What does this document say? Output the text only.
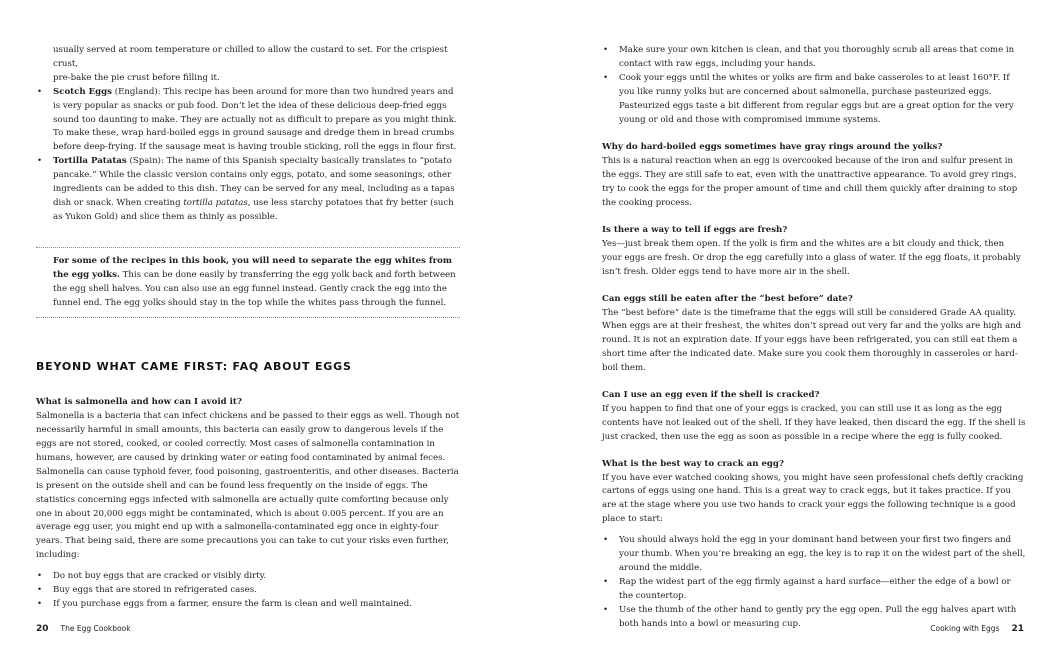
usually served at room temperature or chilled to allow the custard to set. For the crispiest crust,

pre-bake the pie crust before filling it.

• Scotch Eggs (England): This recipe has been around for more than two hundred years and is very popular as snacks or pub food. Don’t let the idea of these delicious deep-fried eggs sound too daunting to make. They are actually not as difficult to prepare as you might think. To make these, wrap hard-boiled eggs in ground sausage and dredge them in bread crumbs before deep-frying. If the sausage meat is having trouble sticking, roll the eggs in flour first.
• Tortilla Patatas (Spain): The name of this Spanish specialty basically translates to “potato pancake.” While the classic version contains only eggs, potato, and some seasonings, other ingredients can be added to this dish. They can be served for any meal, including as a tapas dish or snack. When creating tortilla patatas, use less starchy potatoes that fry better (such as Yukon Gold) and slice them as thinly as possible.
For some of the recipes in this book, you will need to separate the egg whites from the egg yolks. This can be done easily by transferring the egg yolk back and forth between the egg shell halves. You can also use an egg funnel instead. Gently crack the egg into the funnel end. The egg yolks should stay in the top while the whites pass through the funnel.
BEYOND WHAT CAME FIRST: FAQ ABOUT EGGS

What is salmonella and how can I avoid it?

Salmonella is a bacteria that can infect chickens and be passed to their eggs as well. Though not necessarily harmful in small amounts, this bacteria can easily grow to dangerous levels if the eggs are not stored, cooked, or cooled correctly. Most cases of salmonella contamination in humans, however, are caused by drinking water or eating food contaminated by animal feces. Salmonella can cause typhoid fever, food poisoning, gastroenteritis, and other diseases. Bacteria is present on the outside shell and can be found less frequently on the inside of eggs. The statistics concerning eggs infected with salmonella are actually quite comforting because only one in about 20,000 eggs might be contaminated, which is about 0.005 percent. If you are an average egg user, you might end up with a salmonella-contaminated egg once in eighty-four years. That being said, there are some precautions you can take to cut your risks even further, including:

• Do not buy eggs that are cracked or visibly dirty.
• Buy eggs that are stored in refrigerated cases.
• If you purchase eggs from a farmer, ensure the farm is clean and well maintained.
20 The Egg Cookbook
• Make sure your own kitchen is clean, and that you thoroughly scrub all areas that come in contact with raw eggs, including your hands.
• Cook your eggs until the whites or yolks are firm and bake casseroles to at least 160°F. If you like runny yolks but are concerned about salmonella, purchase pasteurized eggs. Pasteurized eggs taste a bit different from regular eggs but are a great option for the very young or old and those with compromised immune systems.

Why do hard-boiled eggs sometimes have gray rings around the yolks?

This is a natural reaction when an egg is overcooked because of the iron and sulfur present in the eggs. They are still safe to eat, even with the unattractive appearance. To avoid grey rings, try to cook the eggs for the proper amount of time and chill them quickly after draining to stop the cooking process.

Is there a way to tell if eggs are fresh?

Yes—just break them open. If the yolk is firm and the whites are a bit cloudy and thick, then your eggs are fresh. Or drop the egg carefully into a glass of water. If the egg floats, it probably isn’t fresh. Older eggs tend to have more air in the shell.

Can eggs still be eaten after the “best before” date?

The “best before” date is the timeframe that the eggs will still be considered Grade AA quality. When eggs are at their freshest, the whites don’t spread out very far and the yolks are high and round. It is not an expiration date. If your eggs have been refrigerated, you can still eat them a short time after the indicated date. Make sure you cook them thoroughly in casseroles or hard-boil them.

Can I use an egg even if the shell is cracked?

If you happen to find that one of your eggs is cracked, you can still use it as long as the egg contents have not leaked out of the shell. If they have leaked, then discard the egg. If the shell is just cracked, then use the egg as soon as possible in a recipe where the egg is fully cooked.

What is the best way to crack an egg?

If you have ever watched cooking shows, you might have seen professional chefs deftly cracking cartons of eggs using one hand. This is a great way to crack eggs, but it takes practice. If you are at the stage where you use two hands to crack your eggs the following technique is a good place to start:

• You should always hold the egg in your dominant hand between your first two fingers and your thumb. When you’re breaking an egg, the key is to rap it on the widest part of the shell, around the middle.
• Rap the widest part of the egg firmly against a hard surface—either the edge of a bowl or the countertop.
• Use the thumb of the other hand to gently pry the egg open. Pull the egg halves apart with both hands into a bowl or measuring cup.	Cooking with Eggs 21
